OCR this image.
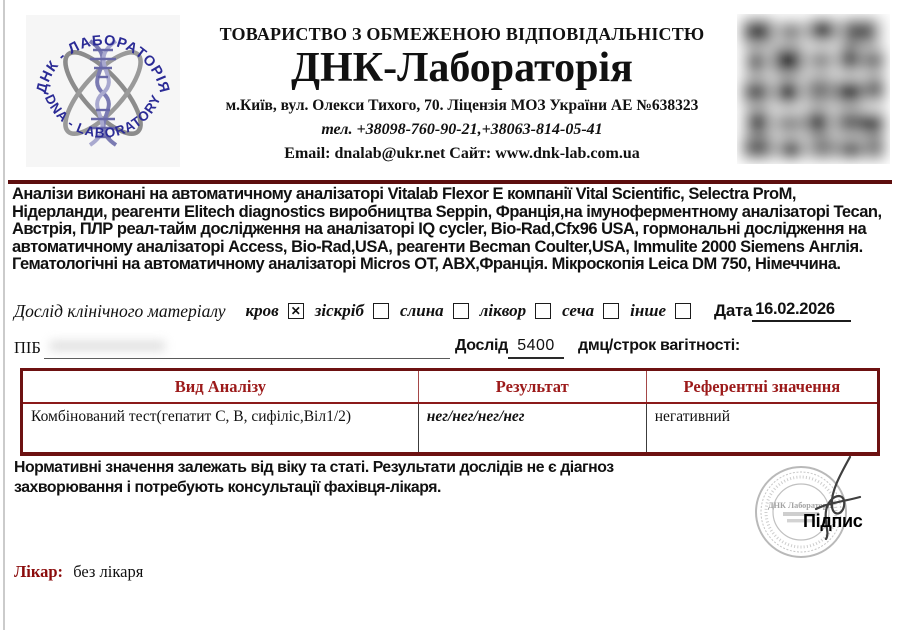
ДНК - ЛАБОРАТОРІЯ
DNA - LABORATORY
ТОВАРИСТВО З ОБМЕЖЕНОЮ ВІДПОВІДАЛЬНІСТЮ
ДНК-Лабораторія
м.Київ, вул. Олекси Тихого, 70. Ліцензія МОЗ України АЕ №638323
тел. +38098-760-90-21,+38063-814-05-41
Email: dnalab@ukr.net Сайт: www.dnk-lab.com.ua

Аналізи виконані на автоматичному аналізаторі Vitalab Flexor E компанії Vital Scientific, Selectra ProM, Нідерланди, реагенти Elitech diagnostics виробництва Seppin, Франція,на імуноферментному аналізаторі Tecan, Австрія, ПЛР реал-тайм дослідження на аналізаторі IQ cycler, Bio-Rad,Cfx96 USA, гормональні дослідження на автоматичному аналізаторі Access, Bio-Rad,USA, реагенти Becman Coulter,USA, Immulite 2000 Siemens Англія. Гематологічні на автоматичному аналізаторі Micros OT, ABX,Франція. Мікроскопія Leica DM 750, Німеччина.

Дослід клінічного матеріалу кров ✕ зіскріб слина ліквор сеча інше	Дата 16.02.2026
ПІБ	Дослід 5400	дмц/строк вагітності:
Вид Аналізу	Результат	Референтні значення
Комбінований тест(гепатит С, В, сифіліс,Віл1/2)	нег/нег/нег/нег	негативний

Нормативні значення залежать від віку та статі. Результати дослідів не є діагноз захворювання і потребують консультації фахівця-лікаря.

ДНК Лабораторія
Підпис
Лікар: без лікаря
